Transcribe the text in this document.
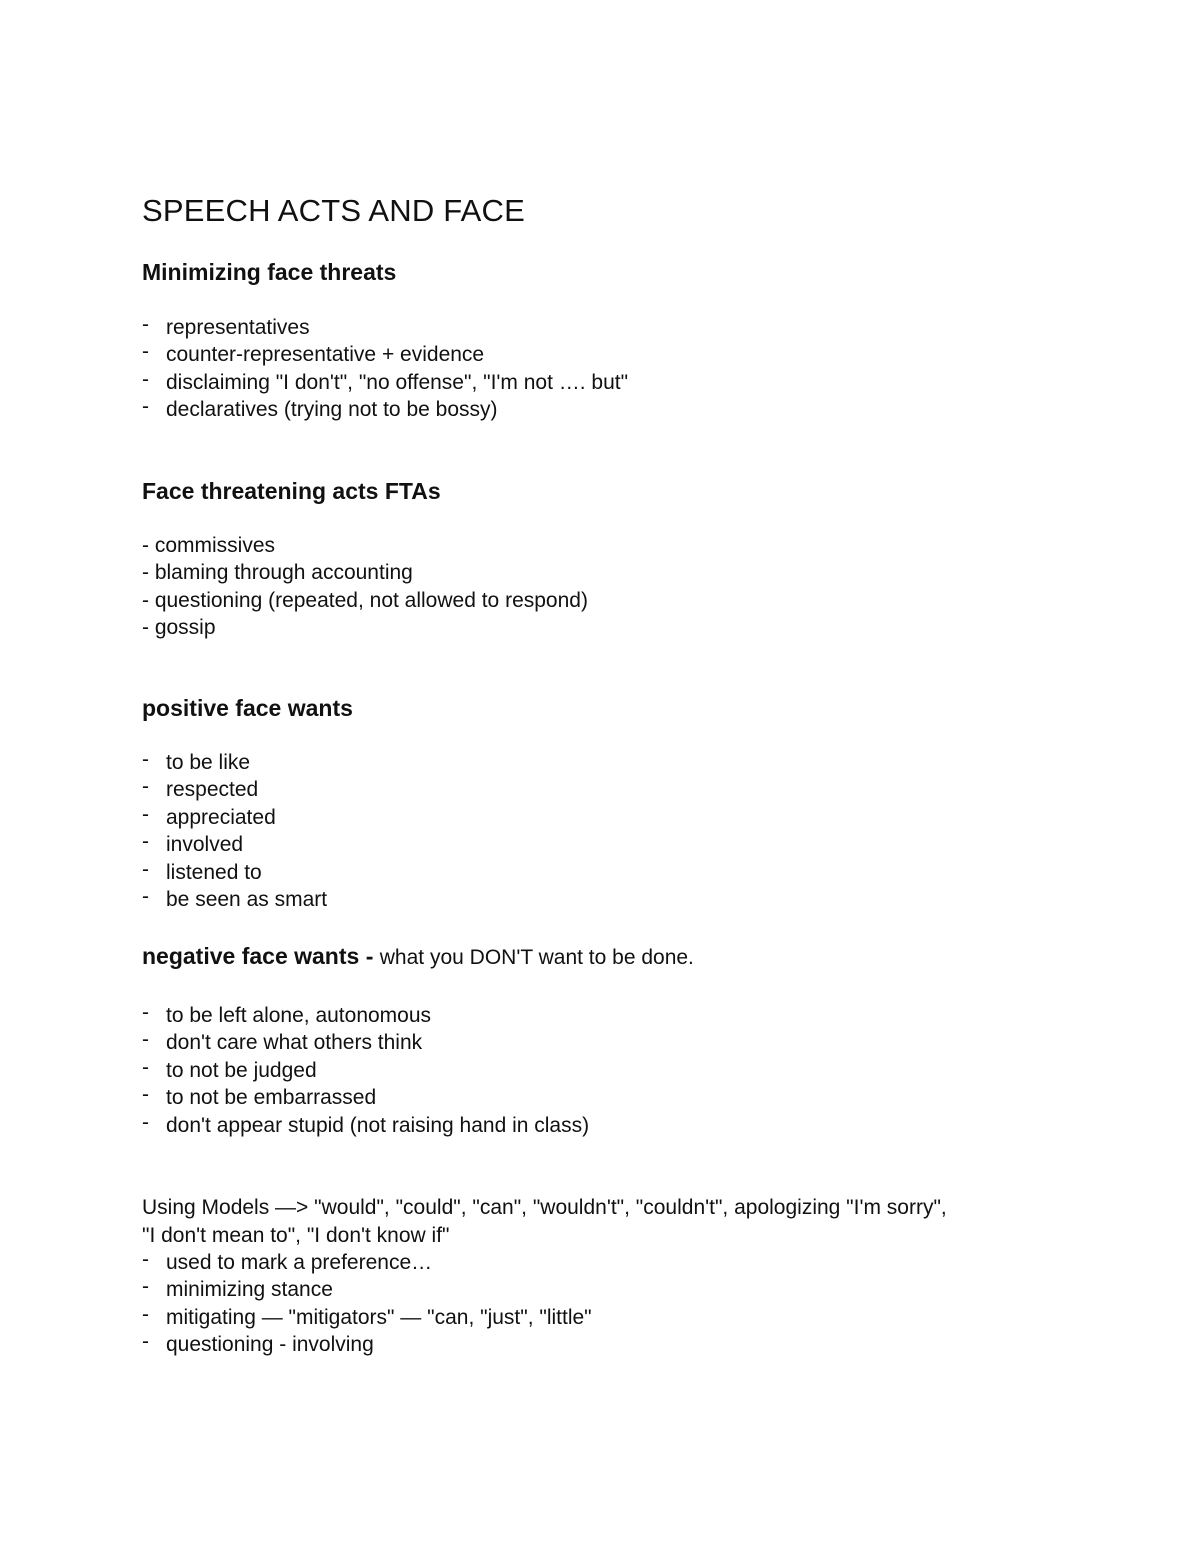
SPEECH ACTS AND FACE
Minimizing face threats
- representatives
- counter-representative + evidence
- disclaiming "I don't", "no offense", "I'm not …. but"
- declaratives (trying not to be bossy)
Face threatening acts FTAs
- commissives
- blaming through accounting
- questioning (repeated, not allowed to respond)
- gossip
positive face wants
- to be like
- respected
- appreciated
- involved
- listened to
- be seen as smart
negative face wants - what you DON'T want to be done.
- to be left alone, autonomous
- don't care what others think
- to not be judged
- to not be embarrassed
- don't appear stupid (not raising hand in class)
Using Models —> "would", "could", "can", "wouldn't", "couldn't", apologizing "I'm sorry",
"I don't mean to", "I don't know if"
- used to mark a preference…
- minimizing stance
- mitigating — "mitigators" — "can, "just", "little"
- questioning - involving
